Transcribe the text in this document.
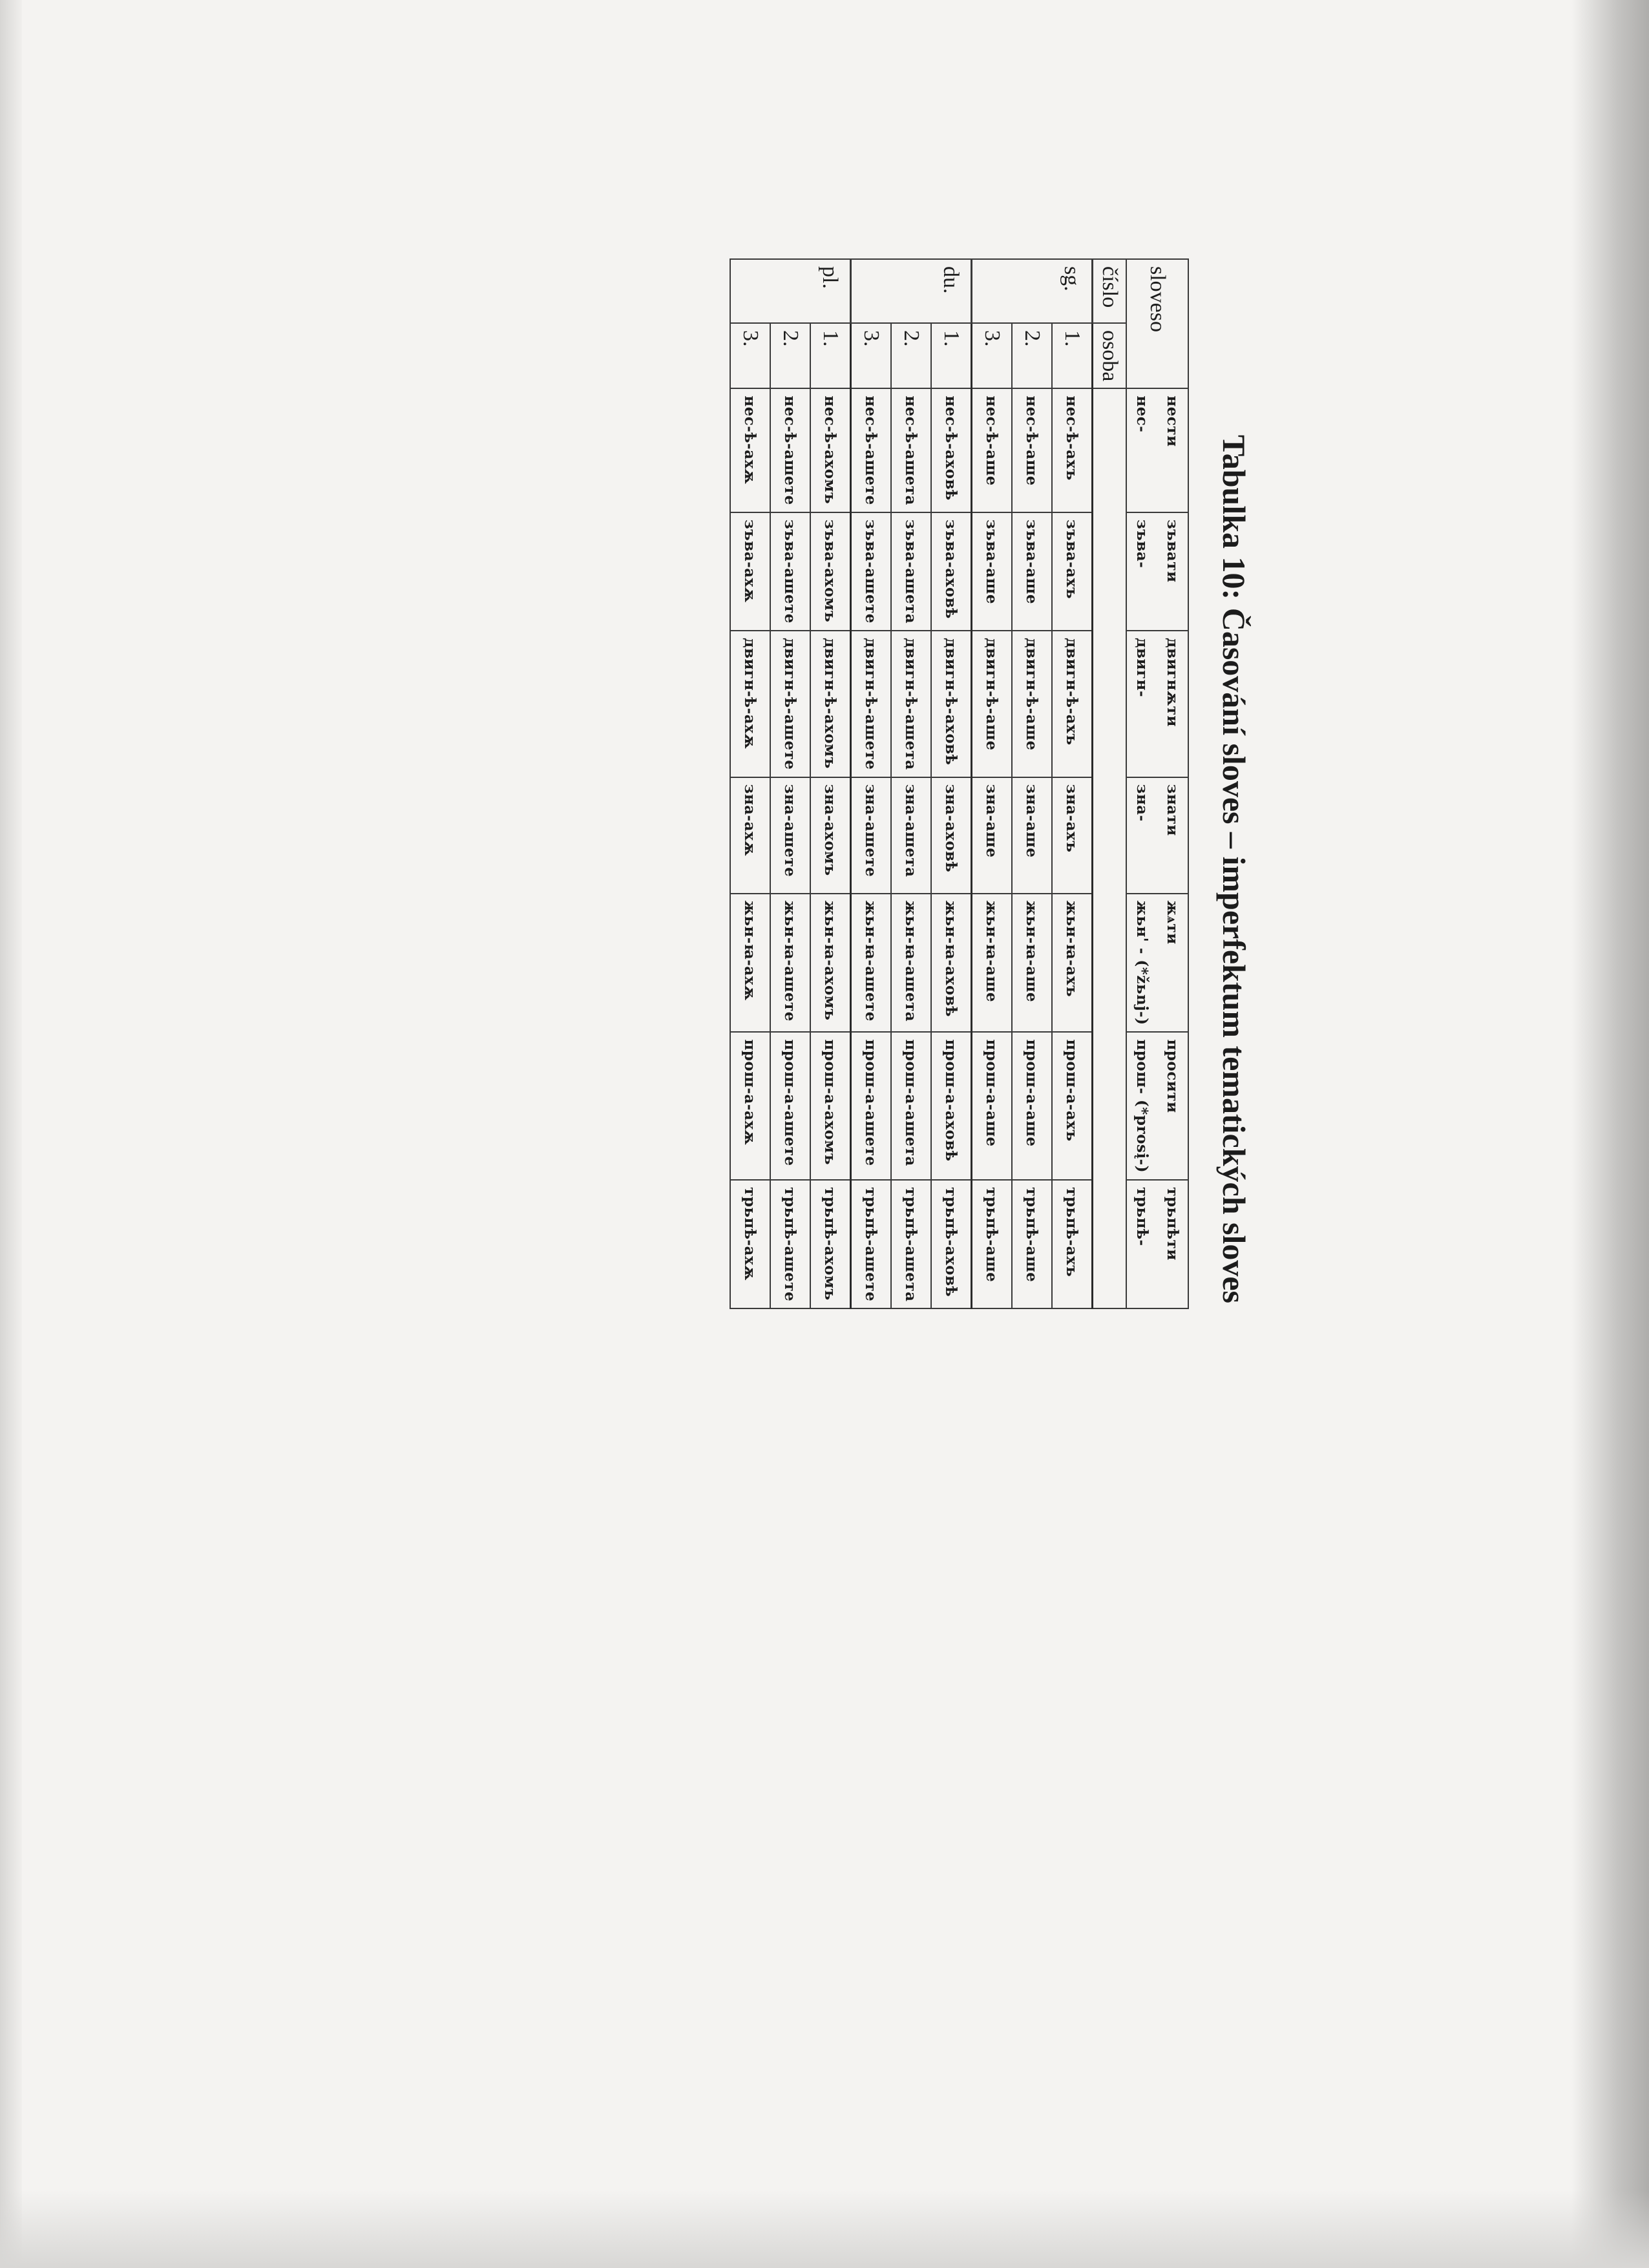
Tabulka 10: Časování sloves – imperfektum tematických sloves
sloveso		нести	зъвати	двигнѫти	знати	жѧти	просити	трьпѣти
		нес-	зъва-	двигн-	зна-	жьн' - (*žьnj-)	прош- (*prosį-)	трьпѣ-
číslo	osoba							
sg.	1.	нес-ѣ-ахъ	зъва-ахъ	двигн-ѣ-ахъ	зна-ахъ	жьн-ꙗ-ахъ	прош-а-ахъ	трьпѣ-ахъ
	2.	нес-ѣ-аше	зъва-аше	двигн-ѣ-аше	зна-аше	жьн-ꙗ-аше	прош-а-аше	трьпѣ-аше
	3.	нес-ѣ-аше	зъва-аше	двигн-ѣ-аше	зна-аше	жьн-ꙗ-аше	прош-а-аше	трьпѣ-аше
du.	1.	нес-ѣ-аховѣ	зъва-аховѣ	двигн-ѣ-аховѣ	зна-аховѣ	жьн-ꙗ-аховѣ	прош-а-аховѣ	трьпѣ-аховѣ
	2.	нес-ѣ-ашета	зъва-ашета	двигн-ѣ-ашета	зна-ашета	жьн-ꙗ-ашета	прош-а-ашета	трьпѣ-ашета
	3.	нес-ѣ-ашете	зъва-ашете	двигн-ѣ-ашете	зна-ашете	жьн-ꙗ-ашете	прош-а-ашете	трьпѣ-ашете
pl.	1.	нес-ѣ-ахомъ	зъва-ахомъ	двигн-ѣ-ахомъ	зна-ахомъ	жьн-ꙗ-ахомъ	прош-а-ахомъ	трьпѣ-ахомъ
	2.	нес-ѣ-ашете	зъва-ашете	двигн-ѣ-ашете	зна-ашете	жьн-ꙗ-ашете	прош-а-ашете	трьпѣ-ашете
	3.	нес-ѣ-ахѫ	зъва-ахѫ	двигн-ѣ-ахѫ	зна-ахѫ	жьн-ꙗ-ахѫ	прош-а-ахѫ	трьпѣ-ахѫ
